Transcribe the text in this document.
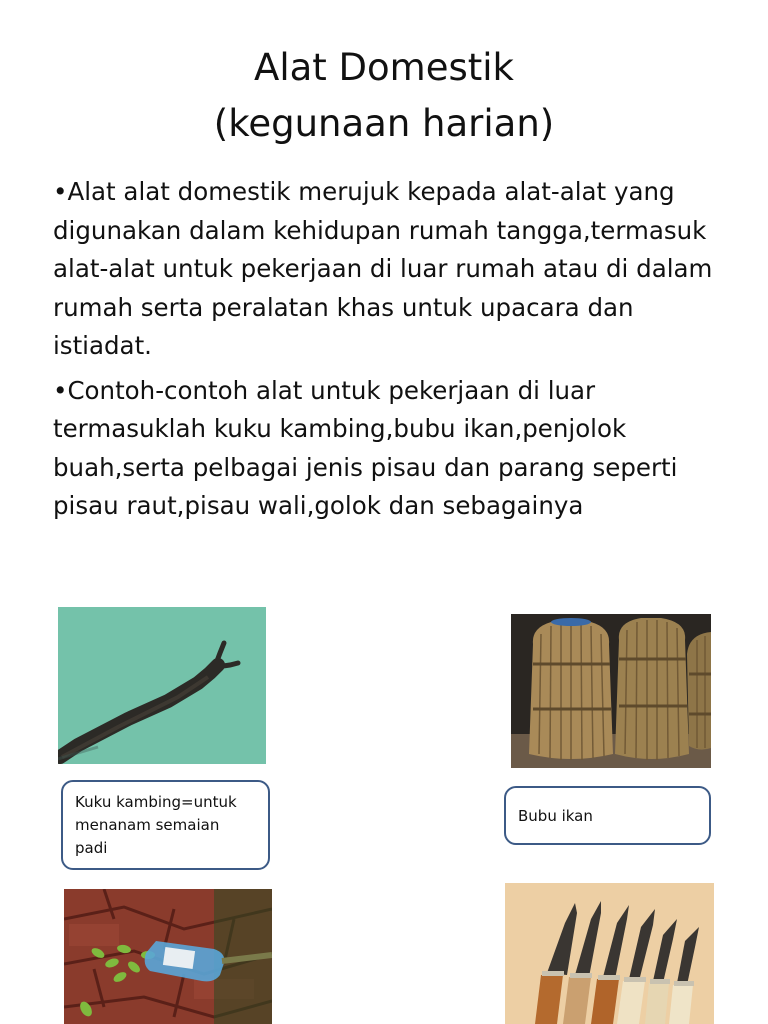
Alat Domestik
(kegunaan harian)

•Alat alat domestik merujuk kepada alat-alat yang digunakan dalam kehidupan rumah tangga,termasuk alat-alat untuk pekerjaan di luar rumah atau di dalam rumah serta peralatan khas untuk upacara dan istiadat.

•Contoh-contoh alat untuk pekerjaan di luar termasuklah kuku kambing,bubu ikan,penjolok buah,serta pelbagai jenis pisau dan parang seperti pisau raut,pisau wali,golok dan sebagainya

Kuku kambing=untuk menanam semaian padi
Bubu ikan
